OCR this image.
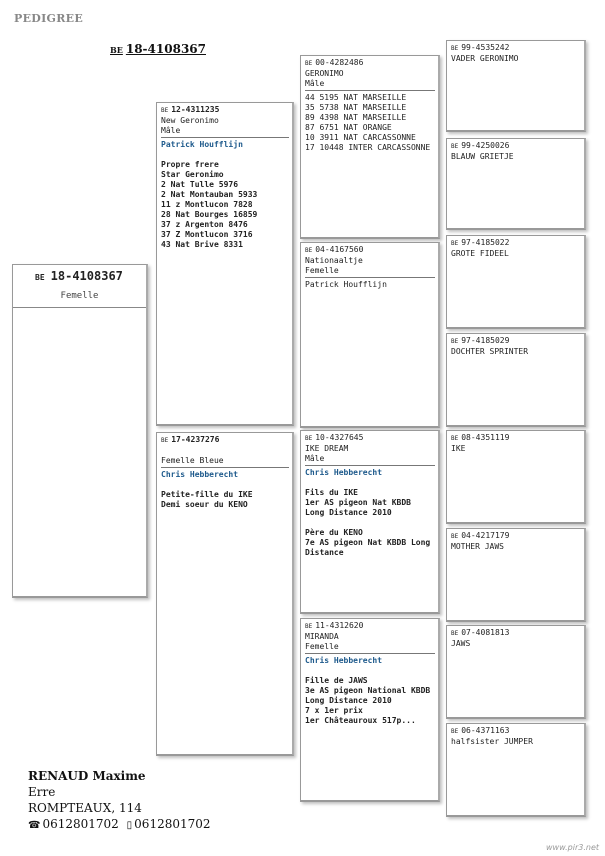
PEDIGREE
BE 18-4108367
BE 18-4108367
Femelle
BE 12-4311235
New Geronimo
Mâle
Patrick Houfflijn
Propre frere
Star Geronimo
2 Nat Tulle 5976
2 Nat Montauban 5933
11 z Montlucon 7828
28 Nat Bourges 16859
37 z Argenton 8476
37 Z Montlucon 3716
43 Nat Brive 8331
BE 17-4237276
Femelle Bleue
Chris Hebberecht
Petite-fille du IKE
Demi soeur du KENO
BE 00-4282486
GERONIMO
Mâle
44 5195 NAT MARSEILLE
35 5738 NAT MARSEILLE
89 4398 NAT MARSEILLE
87 6751 NAT ORANGE
10 3911 NAT CARCASSONNE
17 10448 INTER CARCASSONNE
BE 04-4167560
Nationaaltje
Femelle
Patrick Houfflijn
BE 10-4327645
IKE DREAM
Mâle
Chris Hebberecht
Fils du IKE
1er AS pigeon Nat KBDB
Long Distance 2010
Père du KENO
7e AS pigeon Nat KBDB Long
Distance
BE 11-4312620
MIRANDA
Femelle
Chris Hebberecht
Fille de JAWS
3e AS pigeon National KBDB
Long Distance 2010
7 x 1er prix
1er Châteauroux 517p...
BE 99-4535242
VADER GERONIMO
BE 99-4250026
BLAUW GRIETJE
BE 97-4185022
GROTE FIDEEL
BE 97-4185029
DOCHTER SPRINTER
BE 08-4351119
IKE
BE 04-4217179
MOTHER JAWS
BE 07-4081813
JAWS
BE 06-4371163
halfsister JUMPER
RENAUD Maxime
Erre
ROMPTEAUX, 114
☎ 0612801702 ▯ 0612801702
www.pir3.net
